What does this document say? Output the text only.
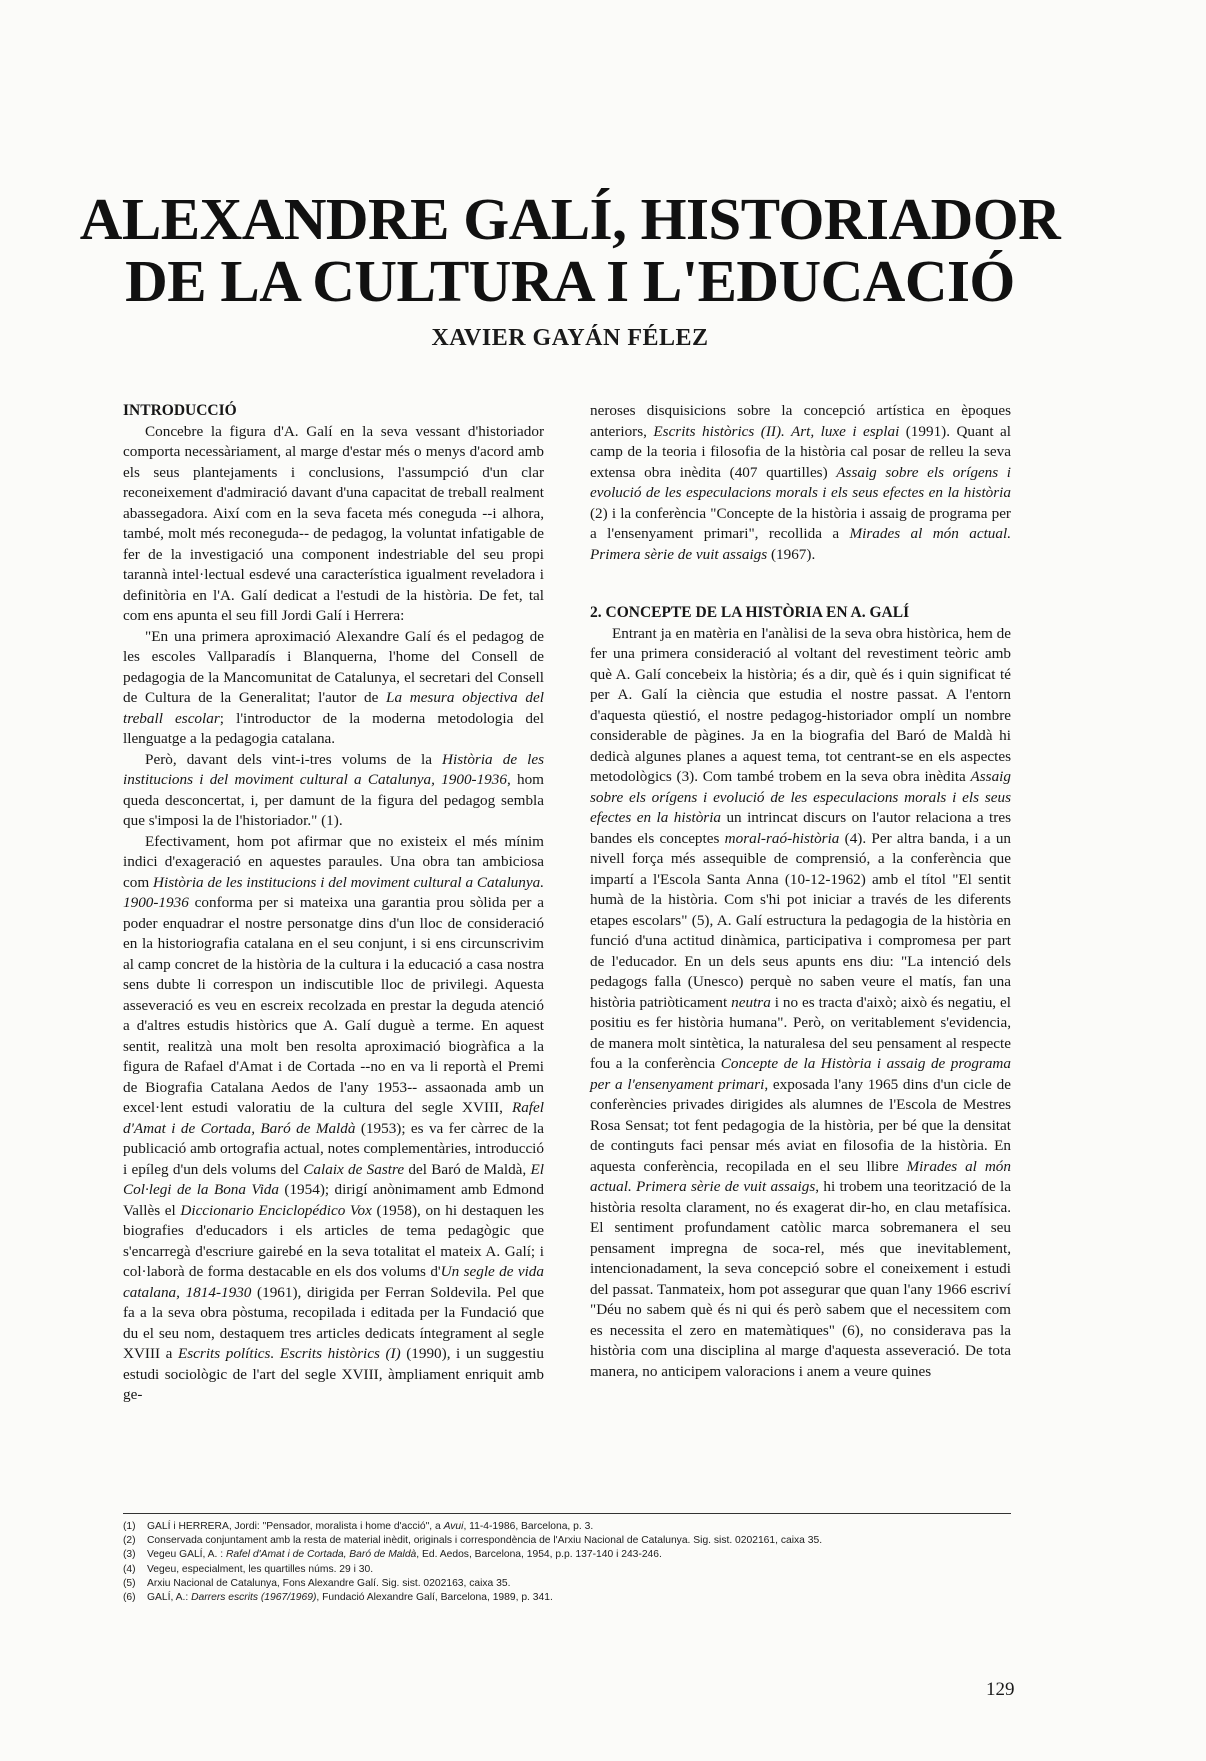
ALEXANDRE GALÍ, HISTORIADOR
DE LA CULTURA I L'EDUCACIÓ
XAVIER GAYÁN FÉLEZ
INTRODUCCIÓ

Concebre la figura d'A. Galí en la seva vessant d'historiador comporta necessàriament, al marge d'estar més o menys d'acord amb els seus plantejaments i conclusions, l'assumpció d'un clar reconeixement d'admiració davant d'una capacitat de treball realment abassegadora. Així com en la seva faceta més coneguda --i alhora, també, molt més reconeguda-- de pedagog, la voluntat infatigable de fer de la investigació una component indestriable del seu propi tarannà intel·lectual esdevé una característica igualment reveladora i definitòria en l'A. Galí dedicat a l'estudi de la història. De fet, tal com ens apunta el seu fill Jordi Galí i Herrera:

"En una primera aproximació Alexandre Galí és el pedagog de les escoles Vallparadís i Blanquerna, l'home del Consell de pedagogia de la Mancomunitat de Catalunya, el secretari del Consell de Cultura de la Generalitat; l'autor de La mesura objectiva del treball escolar; l'introductor de la moderna metodologia del llenguatge a la pedagogia catalana.

Però, davant dels vint-i-tres volums de la Història de les institucions i del moviment cultural a Catalunya, 1900-1936, hom queda desconcertat, i, per damunt de la figura del pedagog sembla que s'imposi la de l'historiador." (1).

Efectivament, hom pot afirmar que no existeix el més mínim indici d'exageració en aquestes paraules. Una obra tan ambiciosa com Història de les institucions i del moviment cultural a Catalunya. 1900-1936 conforma per si mateixa una garantia prou sòlida per a poder enquadrar el nostre personatge dins d'un lloc de consideració en la historiografia catalana en el seu conjunt, i si ens circunscrivim al camp concret de la història de la cultura i la educació a casa nostra sens dubte li correspon un indiscutible lloc de privilegi. Aquesta asseveració es veu en escreix recolzada en prestar la deguda atenció a d'altres estudis històrics que A. Galí duguè a terme. En aquest sentit, realitzà una molt ben resolta aproximació biogràfica a la figura de Rafael d'Amat i de Cortada --no en va li reportà el Premi de Biografia Catalana Aedos de l'any 1953-- assaonada amb un excel·lent estudi valoratiu de la cultura del segle XVIII, Rafel d'Amat i de Cortada, Baró de Maldà (1953); es va fer càrrec de la publicació amb ortografia actual, notes complementàries, introducció i epíleg d'un dels volums del Calaix de Sastre del Baró de Maldà, El Col·legi de la Bona Vida (1954); dirigí anònimament amb Edmond Vallès el Diccionario Enciclopédico Vox (1958), on hi destaquen les biografies d'educadors i els articles de tema pedagògic que s'encarregà d'escriure gairebé en la seva totalitat el mateix A. Galí; i col·laborà de forma destacable en els dos volums d'Un segle de vida catalana, 1814-1930 (1961), dirigida per Ferran Soldevila. Pel que fa a la seva obra pòstuma, recopilada i editada per la Fundació que du el seu nom, destaquem tres articles dedicats íntegrament al segle XVIII a Escrits polítics. Escrits històrics (I) (1990), i un suggestiu estudi sociològic de l'art del segle XVIII, àmpliament enriquit amb ge-

neroses disquisicions sobre la concepció artística en èpoques anteriors, Escrits històrics (II). Art, luxe i esplai (1991). Quant al camp de la teoria i filosofia de la història cal posar de relleu la seva extensa obra inèdita (407 quartilles) Assaig sobre els orígens i evolució de les especulacions morals i els seus efectes en la història (2) i la conferència "Concepte de la història i assaig de programa per a l'ensenyament primari", recollida a Mirades al món actual. Primera sèrie de vuit assaigs (1967).

2. CONCEPTE DE LA HISTÒRIA EN A. GALÍ

Entrant ja en matèria en l'anàlisi de la seva obra històrica, hem de fer una primera consideració al voltant del revestiment teòric amb què A. Galí concebeix la història; és a dir, què és i quin significat té per A. Galí la ciència que estudia el nostre passat. A l'entorn d'aquesta qüestió, el nostre pedagog-historiador omplí un nombre considerable de pàgines. Ja en la biografia del Baró de Maldà hi dedicà algunes planes a aquest tema, tot centrant-se en els aspectes metodològics (3). Com també trobem en la seva obra inèdita Assaig sobre els orígens i evolució de les especulacions morals i els seus efectes en la història un intrincat discurs on l'autor relaciona a tres bandes els conceptes moral-raó-història (4). Per altra banda, i a un nivell força més assequible de comprensió, a la conferència que impartí a l'Escola Santa Anna (10-12-1962) amb el títol "El sentit humà de la història. Com s'hi pot iniciar a través de les diferents etapes escolars" (5), A. Galí estructura la pedagogia de la història en funció d'una actitud dinàmica, participativa i compromesa per part de l'educador. En un dels seus apunts ens diu: "La intenció dels pedagogs falla (Unesco) perquè no saben veure el matís, fan una història patriòticament neutra i no es tracta d'això; això és negatiu, el positiu es fer història humana". Però, on veritablement s'evidencia, de manera molt sintètica, la naturalesa del seu pensament al respecte fou a la conferència Concepte de la Història i assaig de programa per a l'ensenyament primari, exposada l'any 1965 dins d'un cicle de conferències privades dirigides als alumnes de l'Escola de Mestres Rosa Sensat; tot fent pedagogia de la història, per bé que la densitat de continguts faci pensar més aviat en filosofia de la història. En aquesta conferència, recopilada en el seu llibre Mirades al món actual. Primera sèrie de vuit assaigs, hi trobem una teorització de la història resolta clarament, no és exagerat dir-ho, en clau metafísica. El sentiment profundament catòlic marca sobremanera el seu pensament impregna de soca-rel, més que inevitablement, intencionadament, la seva concepció sobre el coneixement i estudi del passat. Tanmateix, hom pot assegurar que quan l'any 1966 escriví "Déu no sabem què és ni qui és però sabem que el necessitem com es necessita el zero en matemàtiques" (6), no considerava pas la història com una disciplina al marge d'aquesta asseveració. De tota manera, no anticipem valoracions i anem a veure quines

(1)	GALÍ i HERRERA, Jordi: "Pensador, moralista i home d'acció", a Avui, 11-4-1986, Barcelona, p. 3.
(2)	Conservada conjuntament amb la resta de material inèdit, originals i correspondència de l'Arxiu Nacional de Catalunya. Sig. sist. 0202161, caixa 35.
(3)	Vegeu GALÍ, A. : Rafel d'Amat i de Cortada, Baró de Maldà, Ed. Aedos, Barcelona, 1954, p.p. 137-140 i 243-246.
(4)	Vegeu, especialment, les quartilles núms. 29 i 30.
(5)	Arxiu Nacional de Catalunya, Fons Alexandre Galí. Sig. sist. 0202163, caixa 35.
(6)	GALÍ, A.: Darrers escrits (1967/1969), Fundació Alexandre Galí, Barcelona, 1989, p. 341.
129
